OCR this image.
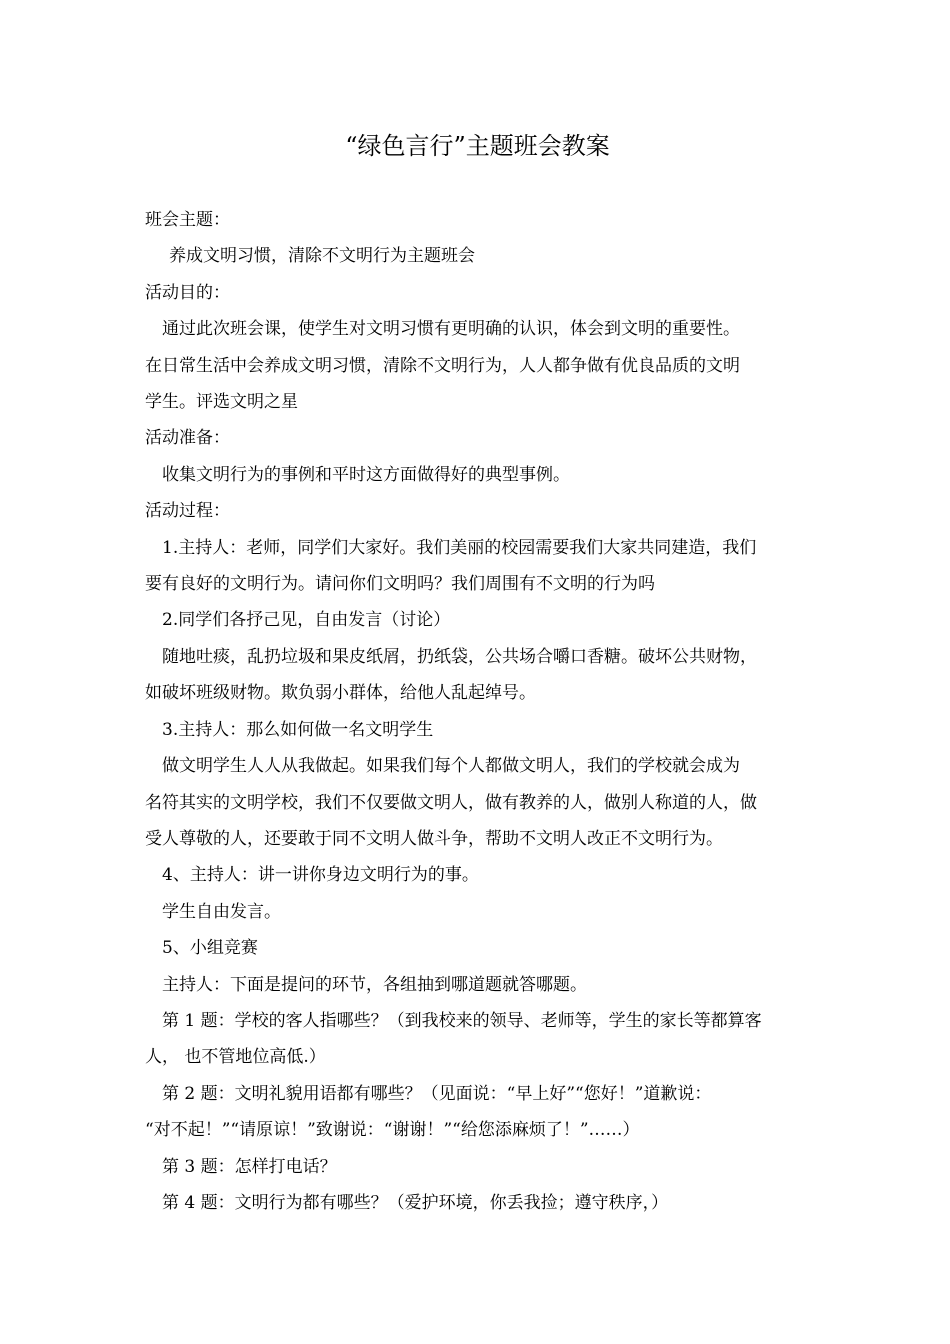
“绿色言行”主题班会教案

班会主题：

养成文明习惯，清除不文明行为主题班会

活动目的：

通过此次班会课，使学生对文明习惯有更明确的认识，体会到文明的重要性。

在日常生活中会养成文明习惯，清除不文明行为，人人都争做有优良品质的文明

学生。评选文明之星

活动准备：

收集文明行为的事例和平时这方面做得好的典型事例。

活动过程：

1.主持人：老师，同学们大家好。我们美丽的校园需要我们大家共同建造，我们

要有良好的文明行为。请问你们文明吗？我们周围有不文明的行为吗

2.同学们各抒己见，自由发言（讨论）

随地吐痰，乱扔垃圾和果皮纸屑，扔纸袋，公共场合嚼口香糖。破坏公共财物，

如破坏班级财物。欺负弱小群体，给他人乱起绰号。

3.主持人：那么如何做一名文明学生

做文明学生人人从我做起。如果我们每个人都做文明人，我们的学校就会成为

名符其实的文明学校，我们不仅要做文明人，做有教养的人，做别人称道的人，做

受人尊敬的人，还要敢于同不文明人做斗争，帮助不文明人改正不文明行为。

4、主持人：讲一讲你身边文明行为的事。

学生自由发言。

5、小组竞赛

主持人：下面是提问的环节，各组抽到哪道题就答哪题。

第 1 题：学校的客人指哪些？（到我校来的领导、老师等，学生的家长等都算客

人， 也不管地位高低.）

第 2 题：文明礼貌用语都有哪些？（见面说：“早上好”“您好！”道歉说：

“对不起！”“请原谅！”致谢说：“谢谢！”“给您添麻烦了！”……）

第 3 题：怎样打电话？

第 4 题：文明行为都有哪些？（爱护环境，你丢我捡；遵守秩序，）
